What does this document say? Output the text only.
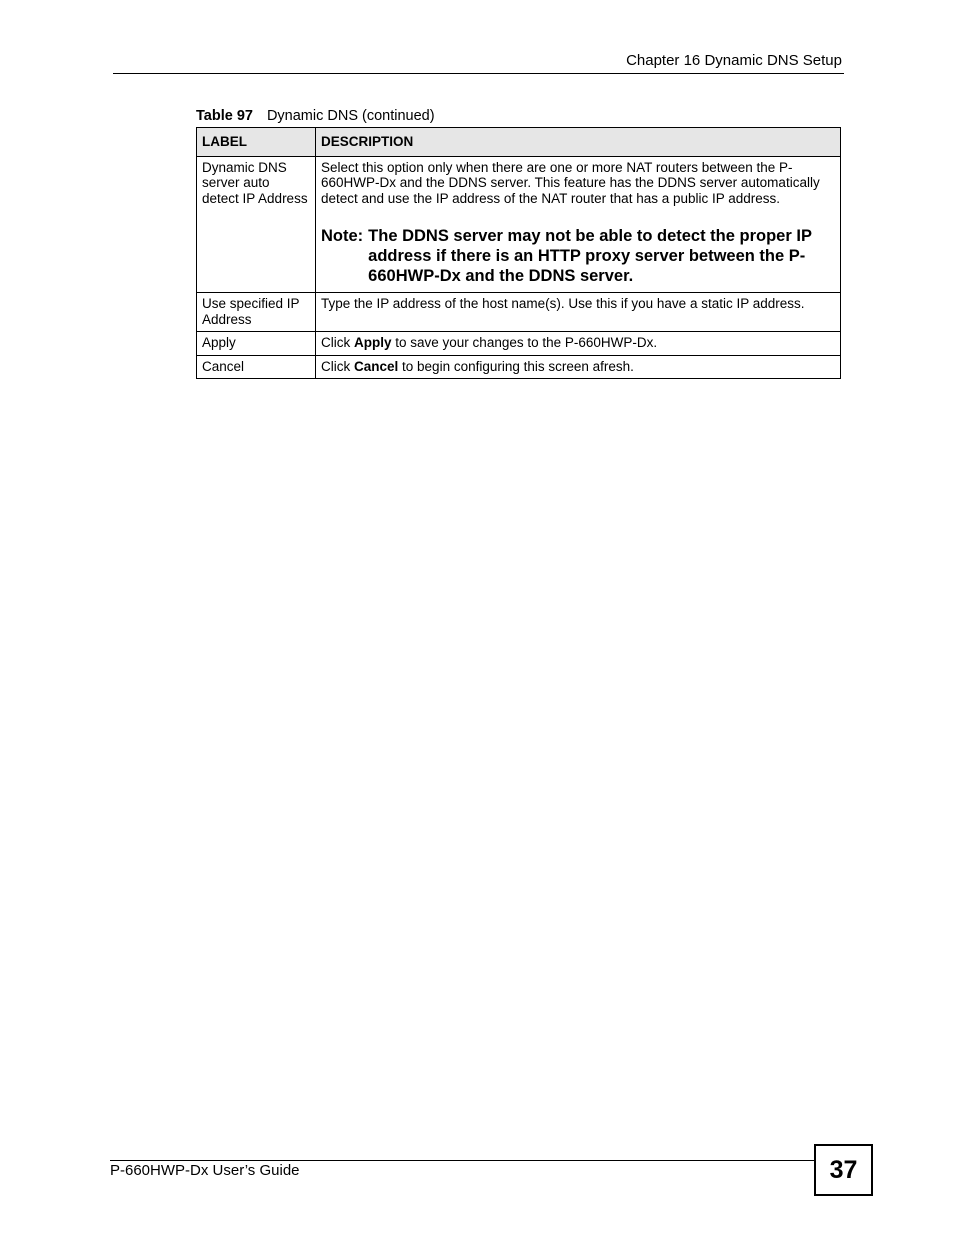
Chapter 16 Dynamic DNS Setup
Table 97 Dynamic DNS (continued)
LABEL	DESCRIPTION
Dynamic DNS server auto detect IP Address	Select this option only when there are one or more NAT routers between the P-660HWP-Dx and the DDNS server. This feature has the DDNS server automatically detect and use the IP address of the NAT router that has a public IP address.
Note: The DDNS server may not be able to detect the proper IP address if there is an HTTP proxy server between the P-660HWP-Dx and the DDNS server.

Use specified IP Address	Type the IP address of the host name(s). Use this if you have a static IP address.
Apply	Click Apply to save your changes to the P-660HWP-Dx.
Cancel	Click Cancel to begin configuring this screen afresh.
P-660HWP-Dx User’s Guide	37
